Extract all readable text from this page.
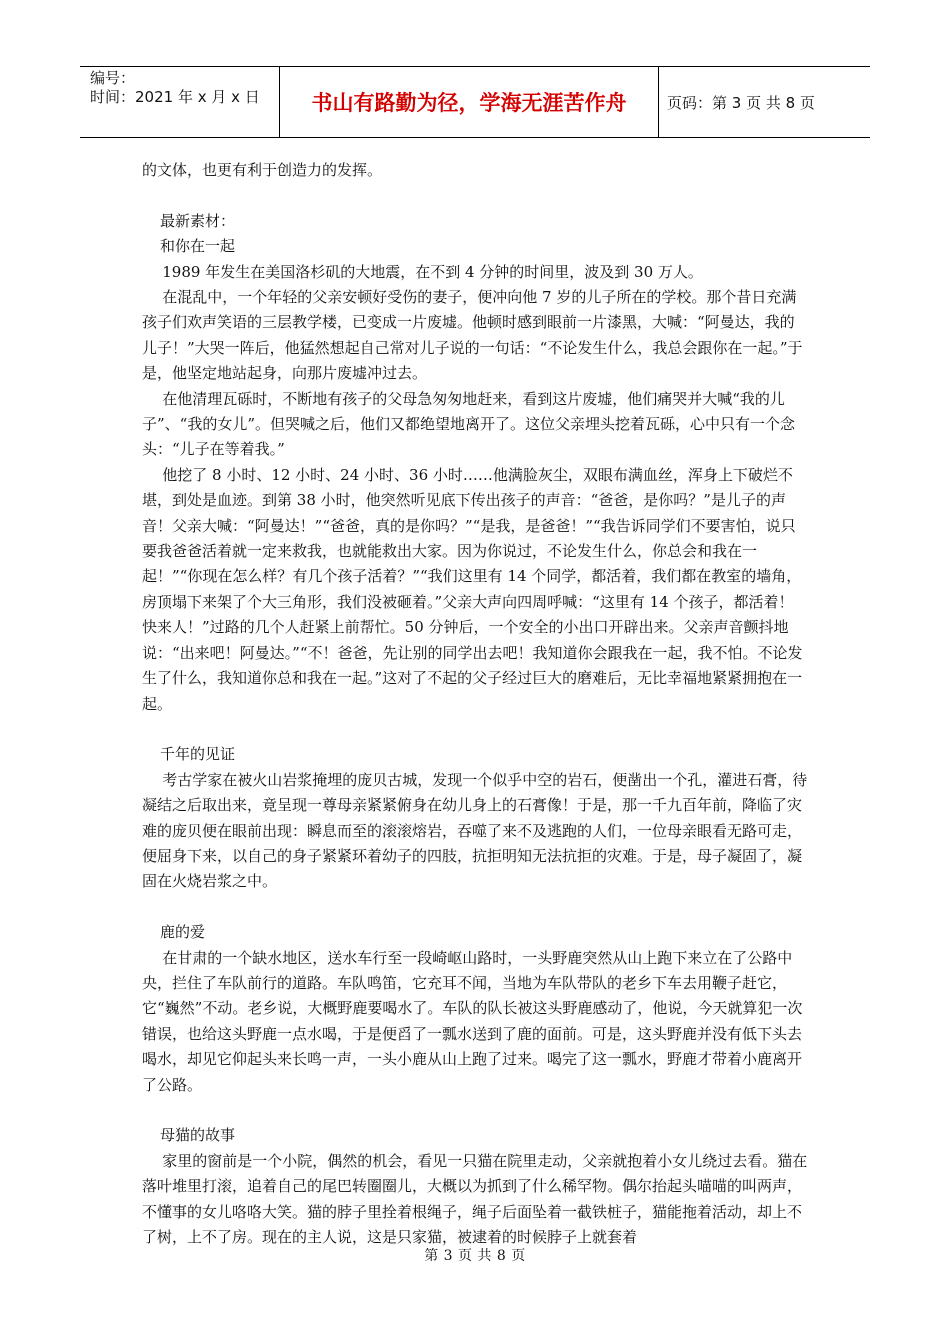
编号：
时间：2021 年 x 月 x 日	书山有路勤为径，学海无涯苦作舟	页码：第 3 页 共 8 页

的文体，也更有利于创造力的发挥。

最新素材：

和你在一起

1989 年发生在美国洛杉矶的大地震，在不到 4 分钟的时间里，波及到 30 万人。

在混乱中，一个年轻的父亲安顿好受伤的妻子，便冲向他 7 岁的儿子所在的学校。那个昔日充满孩子们欢声笑语的三层教学楼，已变成一片废墟。他顿时感到眼前一片漆黑，大喊：“阿曼达，我的儿子！”大哭一阵后，他猛然想起自己常对儿子说的一句话：“不论发生什么，我总会跟你在一起。”于是，他坚定地站起身，向那片废墟冲过去。

在他清理瓦砾时，不断地有孩子的父母急匆匆地赶来，看到这片废墟，他们痛哭并大喊“我的儿子”、“我的女儿”。但哭喊之后，他们又都绝望地离开了。这位父亲埋头挖着瓦砾，心中只有一个念头：“儿子在等着我。”

他挖了 8 小时、12 小时、24 小时、36 小时……他满脸灰尘，双眼布满血丝，浑身上下破烂不堪，到处是血迹。到第 38 小时，他突然听见底下传出孩子的声音：“爸爸，是你吗？”是儿子的声音！父亲大喊：“阿曼达！”“爸爸，真的是你吗？”“是我，是爸爸！”“我告诉同学们不要害怕，说只要我爸爸活着就一定来救我，也就能救出大家。因为你说过，不论发生什么，你总会和我在一起！”“你现在怎么样？有几个孩子活着？”“我们这里有 14 个同学，都活着，我们都在教室的墙角，房顶塌下来架了个大三角形，我们没被砸着。”父亲大声向四周呼喊：“这里有 14 个孩子，都活着！快来人！”过路的几个人赶紧上前帮忙。50 分钟后，一个安全的小出口开辟出来。父亲声音颤抖地说：“出来吧！阿曼达。”“不！爸爸，先让别的同学出去吧！我知道你会跟我在一起，我不怕。不论发生了什么，我知道你总和我在一起。”这对了不起的父子经过巨大的磨难后，无比幸福地紧紧拥抱在一起。

千年的见证

考古学家在被火山岩浆掩埋的庞贝古城，发现一个似乎中空的岩石，便凿出一个孔，灌进石膏，待凝结之后取出来，竟呈现一尊母亲紧紧俯身在幼儿身上的石膏像！于是，那一千九百年前，降临了灾难的庞贝便在眼前出现：瞬息而至的滚滚熔岩，吞噬了来不及逃跑的人们，一位母亲眼看无路可走，便屈身下来，以自己的身子紧紧环着幼子的四肢，抗拒明知无法抗拒的灾难。于是，母子凝固了，凝固在火烧岩浆之中。

鹿的爱

在甘肃的一个缺水地区，送水车行至一段崎岖山路时，一头野鹿突然从山上跑下来立在了公路中央，拦住了车队前行的道路。车队鸣笛，它充耳不闻，当地为车队带队的老乡下车去用鞭子赶它，它“巍然”不动。老乡说，大概野鹿要喝水了。车队的队长被这头野鹿感动了，他说，今天就算犯一次错误，也给这头野鹿一点水喝，于是便舀了一瓢水送到了鹿的面前。可是，这头野鹿并没有低下头去喝水，却见它仰起头来长鸣一声，一头小鹿从山上跑了过来。喝完了这一瓢水，野鹿才带着小鹿离开了公路。

母猫的故事

家里的窗前是一个小院，偶然的机会，看见一只猫在院里走动，父亲就抱着小女儿绕过去看。猫在落叶堆里打滚，追着自己的尾巴转圈圈儿，大概以为抓到了什么稀罕物。偶尔抬起头喵喵的叫两声，不懂事的女儿咯咯大笑。猫的脖子里拴着根绳子，绳子后面坠着一截铁桩子，猫能拖着活动，却上不了树，上不了房。现在的主人说，这是只家猫，被逮着的时候脖子上就套着

第 3 页 共 8 页
